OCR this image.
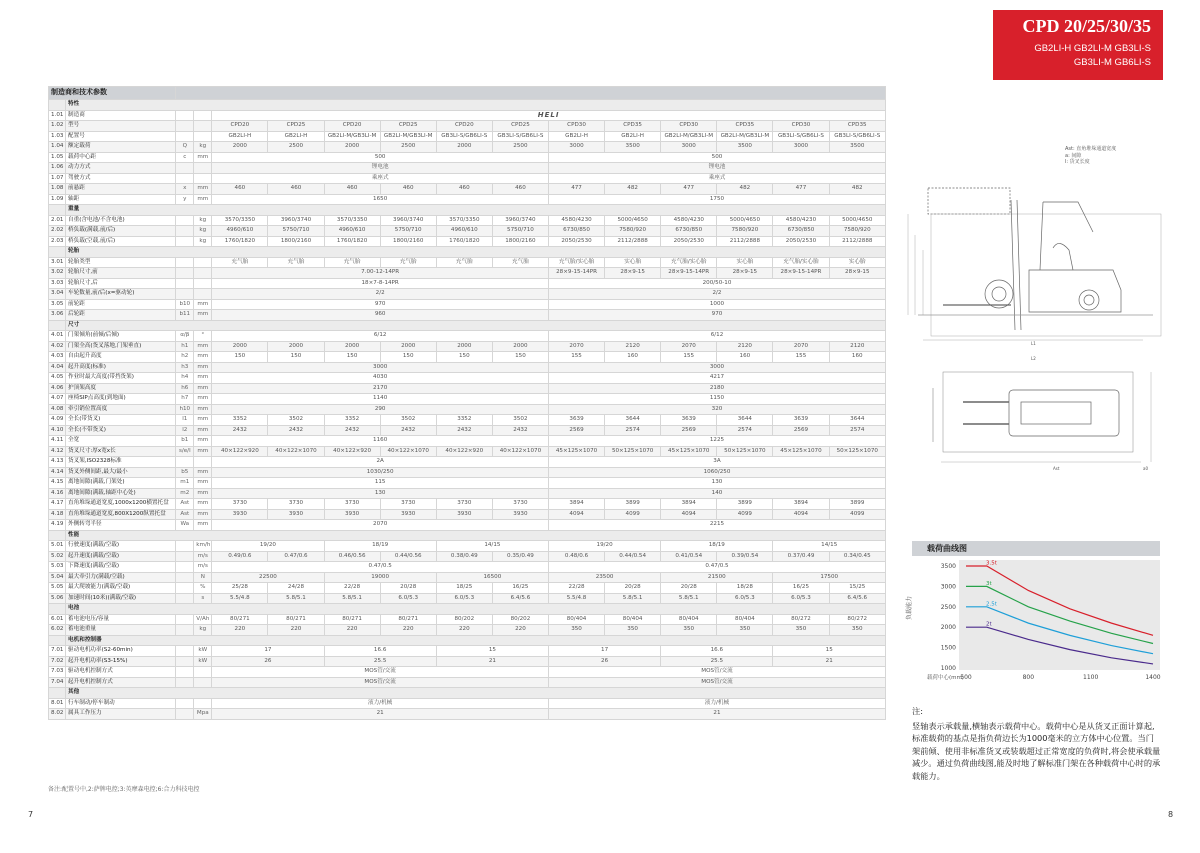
CPD 20/25/30/35
GB2LI-H GB2LI-M GB3LI-S
GB3LI-M GB6LI-S
制造商和技术参数															
	特性														
1.01	制造商			HELI											
1.02	型号			CPD20	CPD25	CPD20	CPD25	CPD20	CPD25	CPD30	CPD35	CPD30	CPD35	CPD30	CPD35
1.03	配置号			GB2LI-H	GB2LI-H	GB2LI-M/GB3LI-M	GB2LI-M/GB3LI-M	GB3LI-S/GB6LI-S	GB3LI-S/GB6LI-S	GB2LI-H	GB2LI-H	GB2LI-M/GB3LI-M	GB2LI-M/GB3LI-M	GB3LI-S/GB6LI-S	GB3LI-S/GB6LI-S
1.04	额定载荷	Q	kg	2000	2500	2000	2500	2000	2500	3000	3500	3000	3500	3000	3500
1.05	载荷中心距	c	mm	500						500					
1.06	动力方式			锂电池						锂电池					
1.07	驾驶方式			乘座式						乘座式					
1.08	前悬距	x	mm	460	460	460	460	460	460	477	482	477	482	477	482
1.09	轴距	y	mm	1650						1750					
	重量														
2.01	自重(含电池/不含电池)		kg	3570/3350	3960/3740	3570/3350	3960/3740	3570/3350	3960/3740	4580/4230	5000/4650	4580/4230	5000/4650	4580/4230	5000/4650
2.02	桥负载(满载,前/后)		kg	4960/610	5750/710	4960/610	5750/710	4960/610	5750/710	6730/850	7580/920	6730/850	7580/920	6730/850	7580/920
2.03	桥负载(空载,前/后)		kg	1760/1820	1800/2160	1760/1820	1800/2160	1760/1820	1800/2160	2050/2530	2112/2888	2050/2530	2112/2888	2050/2530	2112/2888
	轮胎														
3.01	轮胎类型			充气胎	充气胎	充气胎	充气胎	充气胎	充气胎	充气胎/实心胎	实心胎	充气胎/实心胎	实心胎	充气胎/实心胎	实心胎
3.02	轮胎尺寸,前			7.00-12-14PR						28×9-15-14PR	28×9-15	28×9-15-14PR	28×9-15	28×9-15-14PR	28×9-15
3.03	轮胎尺寸,后			18×7-8-14PR						200/50-10					
3.04	车轮数量,前/后(x=驱动轮)			2/2						2/2					
3.05	前轮距	b10	mm	970						1000					
3.06	后轮距	b11	mm	960						970					
	尺寸														
4.01	门架倾角(前倾/后倾)	α/β	°	6/12						6/12					
4.02	门架全高(货叉落地,门架垂直)	h1	mm	2000	2000	2000	2000	2000	2000	2070	2120	2070	2120	2070	2120
4.03	自由起升高度	h2	mm	150	150	150	150	150	150	155	160	155	160	155	160
4.04	起升高度(标准)	h3	mm	3000						3000					
4.05	作业时最大高度(带挡货架)	h4	mm	4030						4217					
4.06	护顶架高度	h6	mm	2170						2180					
4.07	座椅SIP点高度(到地面)	h7	mm	1140						1150					
4.08	牵引销位置高度	h10	mm	290						320					
4.09	全长(带货叉)	l1	mm	3352	3502	3352	3502	3352	3502	3639	3644	3639	3644	3639	3644
4.10	全长(不带货叉)	l2	mm	2432	2432	2432	2432	2432	2432	2569	2574	2569	2574	2569	2574
4.11	全宽	b1	mm	1160						1225					
4.12	货叉尺寸:厚x宽x长	s/e/l	mm	40×122×920	40×122×1070	40×122×920	40×122×1070	40×122×920	40×122×1070	45×125×1070	50×125×1070	45×125×1070	50×125×1070	45×125×1070	50×125×1070
4.13	货叉架,ISO2328标准			2A						3A					
4.14	货叉外侧间距,最大/最小	b5	mm	1030/250						1060/250					
4.15	离地间隙(满载,门架处)	m1	mm	115						130					
4.16	离地间隙(满载,轴距中心处)	m2	mm	130						140					
4.17	直角堆垛通道宽度,1000x1200横置托盘	Ast	mm	3730	3730	3730	3730	3730	3730	3894	3899	3894	3899	3894	3899
4.18	直角堆垛通道宽度,800X1200纵置托盘	Ast	mm	3930	3930	3930	3930	3930	3930	4094	4099	4094	4099	4094	4099
4.19	外侧转弯半径	Wa	mm	2070						2215					
	性能														
5.01	行驶速度(满载/空载)		km/h	19/20		18/19		14/15		19/20		18/19		14/15	
5.02	起升速度(满载/空载)		m/s	0.49/0.6	0.47/0.6	0.46/0.56	0.44/0.56	0.38/0.49	0.35/0.49	0.48/0.6	0.44/0.54	0.41/0.54	0.39/0.54	0.37/0.49	0.34/0.45
5.03	下降速度(满载/空载)		m/s	0.47/0.5						0.47/0.5					
5.04	最大牵引力(满载/空载)		N	22500		19000		16500		23500		21500		17500	
5.05	最大爬坡能力(满载/空载)		%	25/28	24/28	22/28	20/28	18/25	16/25	22/28	20/28	20/28	18/28	16/25	15/25
5.06	加速时间(10米)(满载/空载)		s	5.5/4.8	5.8/5.1	5.8/5.1	6.0/5.3	6.0/5.3	6.4/5.6	5.5/4.8	5.8/5.1	5.8/5.1	6.0/5.3	6.0/5.3	6.4/5.6
	电池														
6.01	蓄电池电压/容量		V/Ah	80/271	80/271	80/271	80/271	80/202	80/202	80/404	80/404	80/404	80/404	80/272	80/272
6.02	蓄电池重量		kg	220	220	220	220	220	220	350	350	350	350	350	350
	电机和控制器														
7.01	驱动电机功率(S2-60min)		kW	17		16.6		15		17		16.6		15	
7.02	起升电机功率(S3-15%)		kW	26		25.5		21		26		25.5		21	
7.03	驱动电机控制方式			MOS管/交流						MOS管/交流					
7.04	起升电机控制方式			MOS管/交流						MOS管/交流					
	其他														
8.01	行车制动/停车制动			液力/机械						液力/机械					
8.02	属具工作压力		Mpa	21						21					
备注:配置号中,2:萨牌电控;3:英摩森电控;6:合力科技电控
7	8
L1
L2
Ast	a0
Ast: 直角堆垛通道宽度
a: 间隙
l: 货叉长度
载荷曲线图
1000
1500
2000
2500
3000
3500
500	800	1100	1400
3.5t
3t
2.5t
2t
负载能力
载荷中心(mm)
注:
竖轴表示承载量,横轴表示载荷中心。载荷中心是从货叉正面计算起,标准载荷的基点是指负荷边长为1000毫米的立方体中心位置。当门架前倾、使用非标准货叉或装载超过正常宽度的负荷时,将会使承载量减少。通过负荷曲线图,能及时地了解标准门架在各种载荷中心时的承载能力。
